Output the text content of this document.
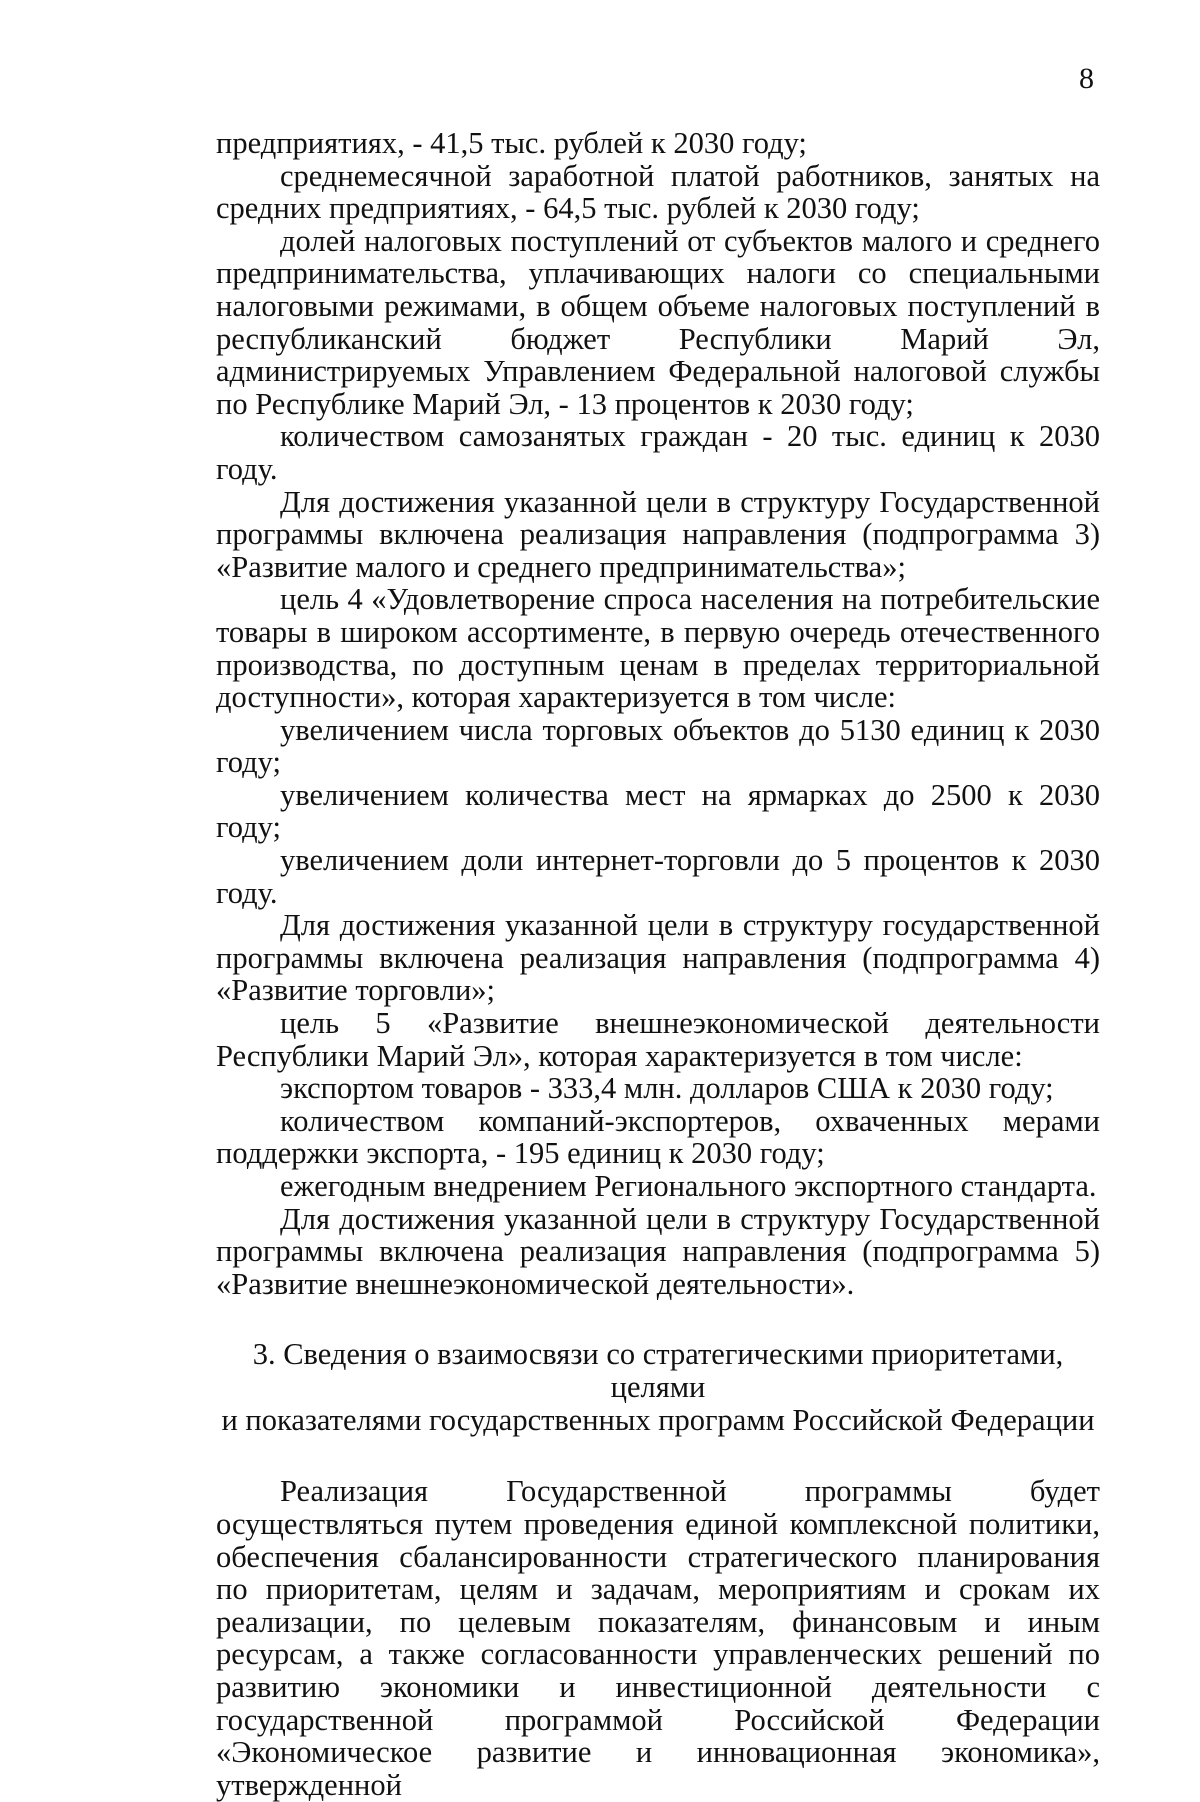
8

предприятиях, - 41,5 тыс. рублей к 2030 году;

среднемесячной заработной платой работников, занятых на средних предприятиях, - 64,5 тыс. рублей к 2030 году;

долей налоговых поступлений от субъектов малого и среднего предпринимательства, уплачивающих налоги со специальными налоговыми режимами, в общем объеме налоговых поступлений в республиканский бюджет Республики Марий Эл, администрируемых Управлением Федеральной налоговой службы по Республике Марий Эл, - 13 процентов к 2030 году;

количеством самозанятых граждан - 20 тыс. единиц к 2030 году.

Для достижения указанной цели в структуру Государственной программы включена реализация направления (подпрограмма 3) «Развитие малого и среднего предпринимательства»;

цель 4 «Удовлетворение спроса населения на потребительские товары в широком ассортименте, в первую очередь отечественного производства, по доступным ценам в пределах территориальной доступности», которая характеризуется в том числе:

увеличением числа торговых объектов до 5130 единиц к 2030 году;

увеличением количества мест на ярмарках до 2500 к 2030 году;

увеличением доли интернет-торговли до 5 процентов к 2030 году.

Для достижения указанной цели в структуру государственной программы включена реализация направления (подпрограмма 4) «Развитие торговли»;

цель 5 «Развитие внешнеэкономической деятельности Республики Марий Эл», которая характеризуется в том числе:

экспортом товаров - 333,4 млн. долларов США к 2030 году;

количеством компаний-экспортеров, охваченных мерами поддержки экспорта, - 195 единиц к 2030 году;

ежегодным внедрением Регионального экспортного стандарта.

Для достижения указанной цели в структуру Государственной программы включена реализация направления (подпрограмма 5) «Развитие внешнеэкономической деятельности».

3. Сведения о взаимосвязи со стратегическими приоритетами, целями
и показателями государственных программ Российской Федерации

Реализация Государственной программы будет осуществляться путем проведения единой комплексной политики, обеспечения сбалансированности стратегического планирования по приоритетам, целям и задачам, мероприятиям и срокам их реализации, по целевым показателям, финансовым и иным ресурсам, а также согласованности управленческих решений по развитию экономики и инвестиционной деятельности с государственной программой Российской Федерации «Экономическое развитие и инновационная экономика», утвержденной
